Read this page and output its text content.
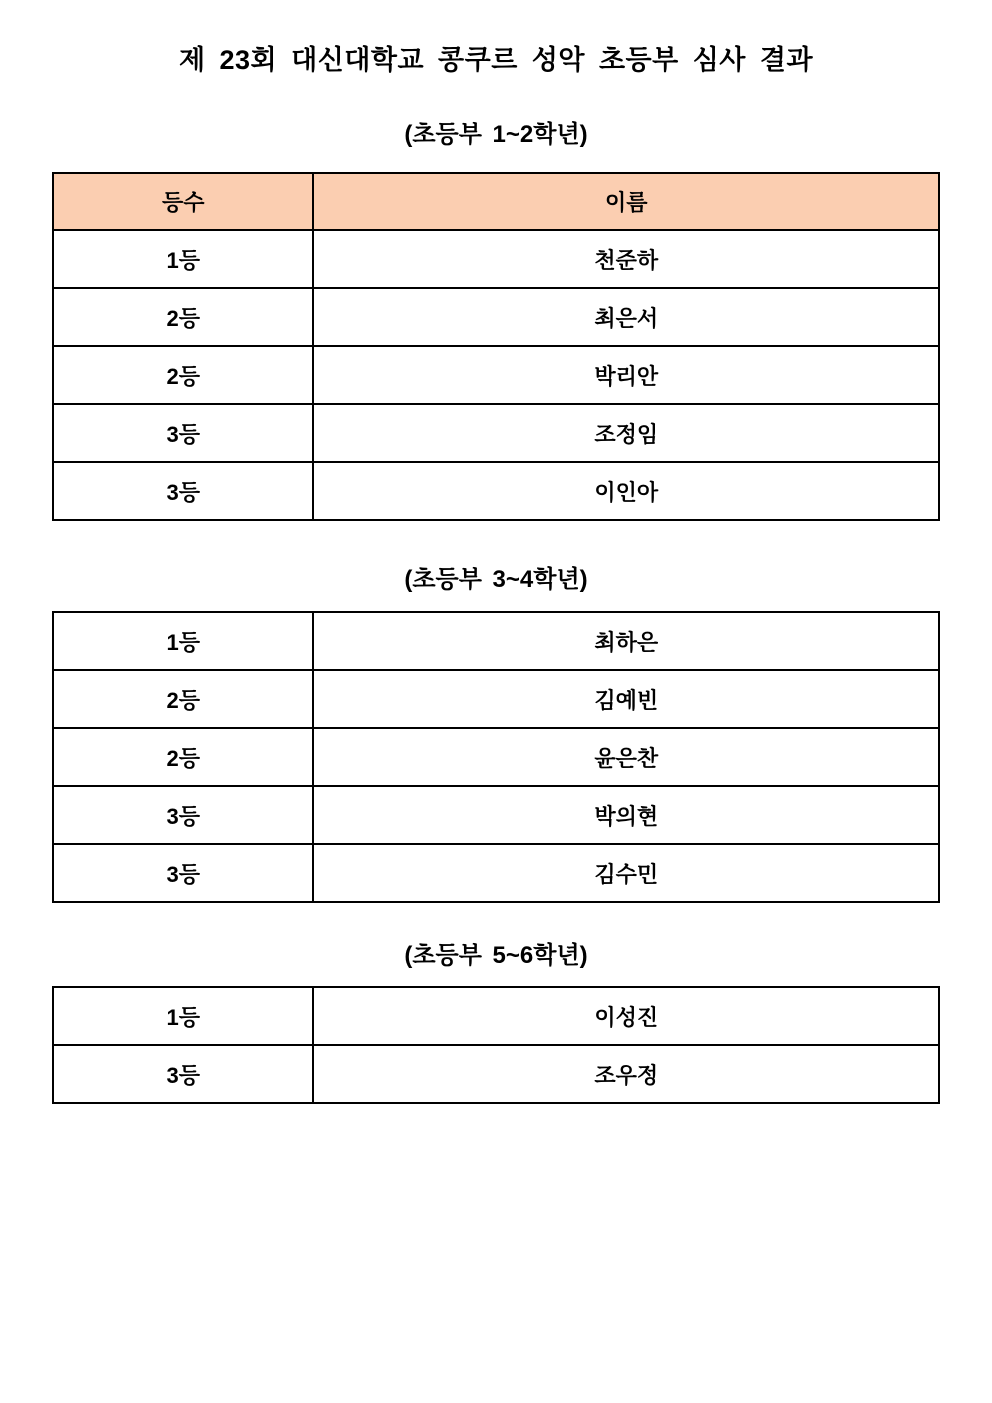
제 23회 대신대학교 콩쿠르 성악 초등부 심사 결과
(초등부 1~2학년)
등수	이름
1등	천준하
2등	최은서
2등	박리안
3등	조정임
3등	이인아
(초등부 3~4학년)
1등	최하은
2등	김예빈
2등	윤은찬
3등	박의현
3등	김수민
(초등부 5~6학년)
1등	이성진
3등	조우정
